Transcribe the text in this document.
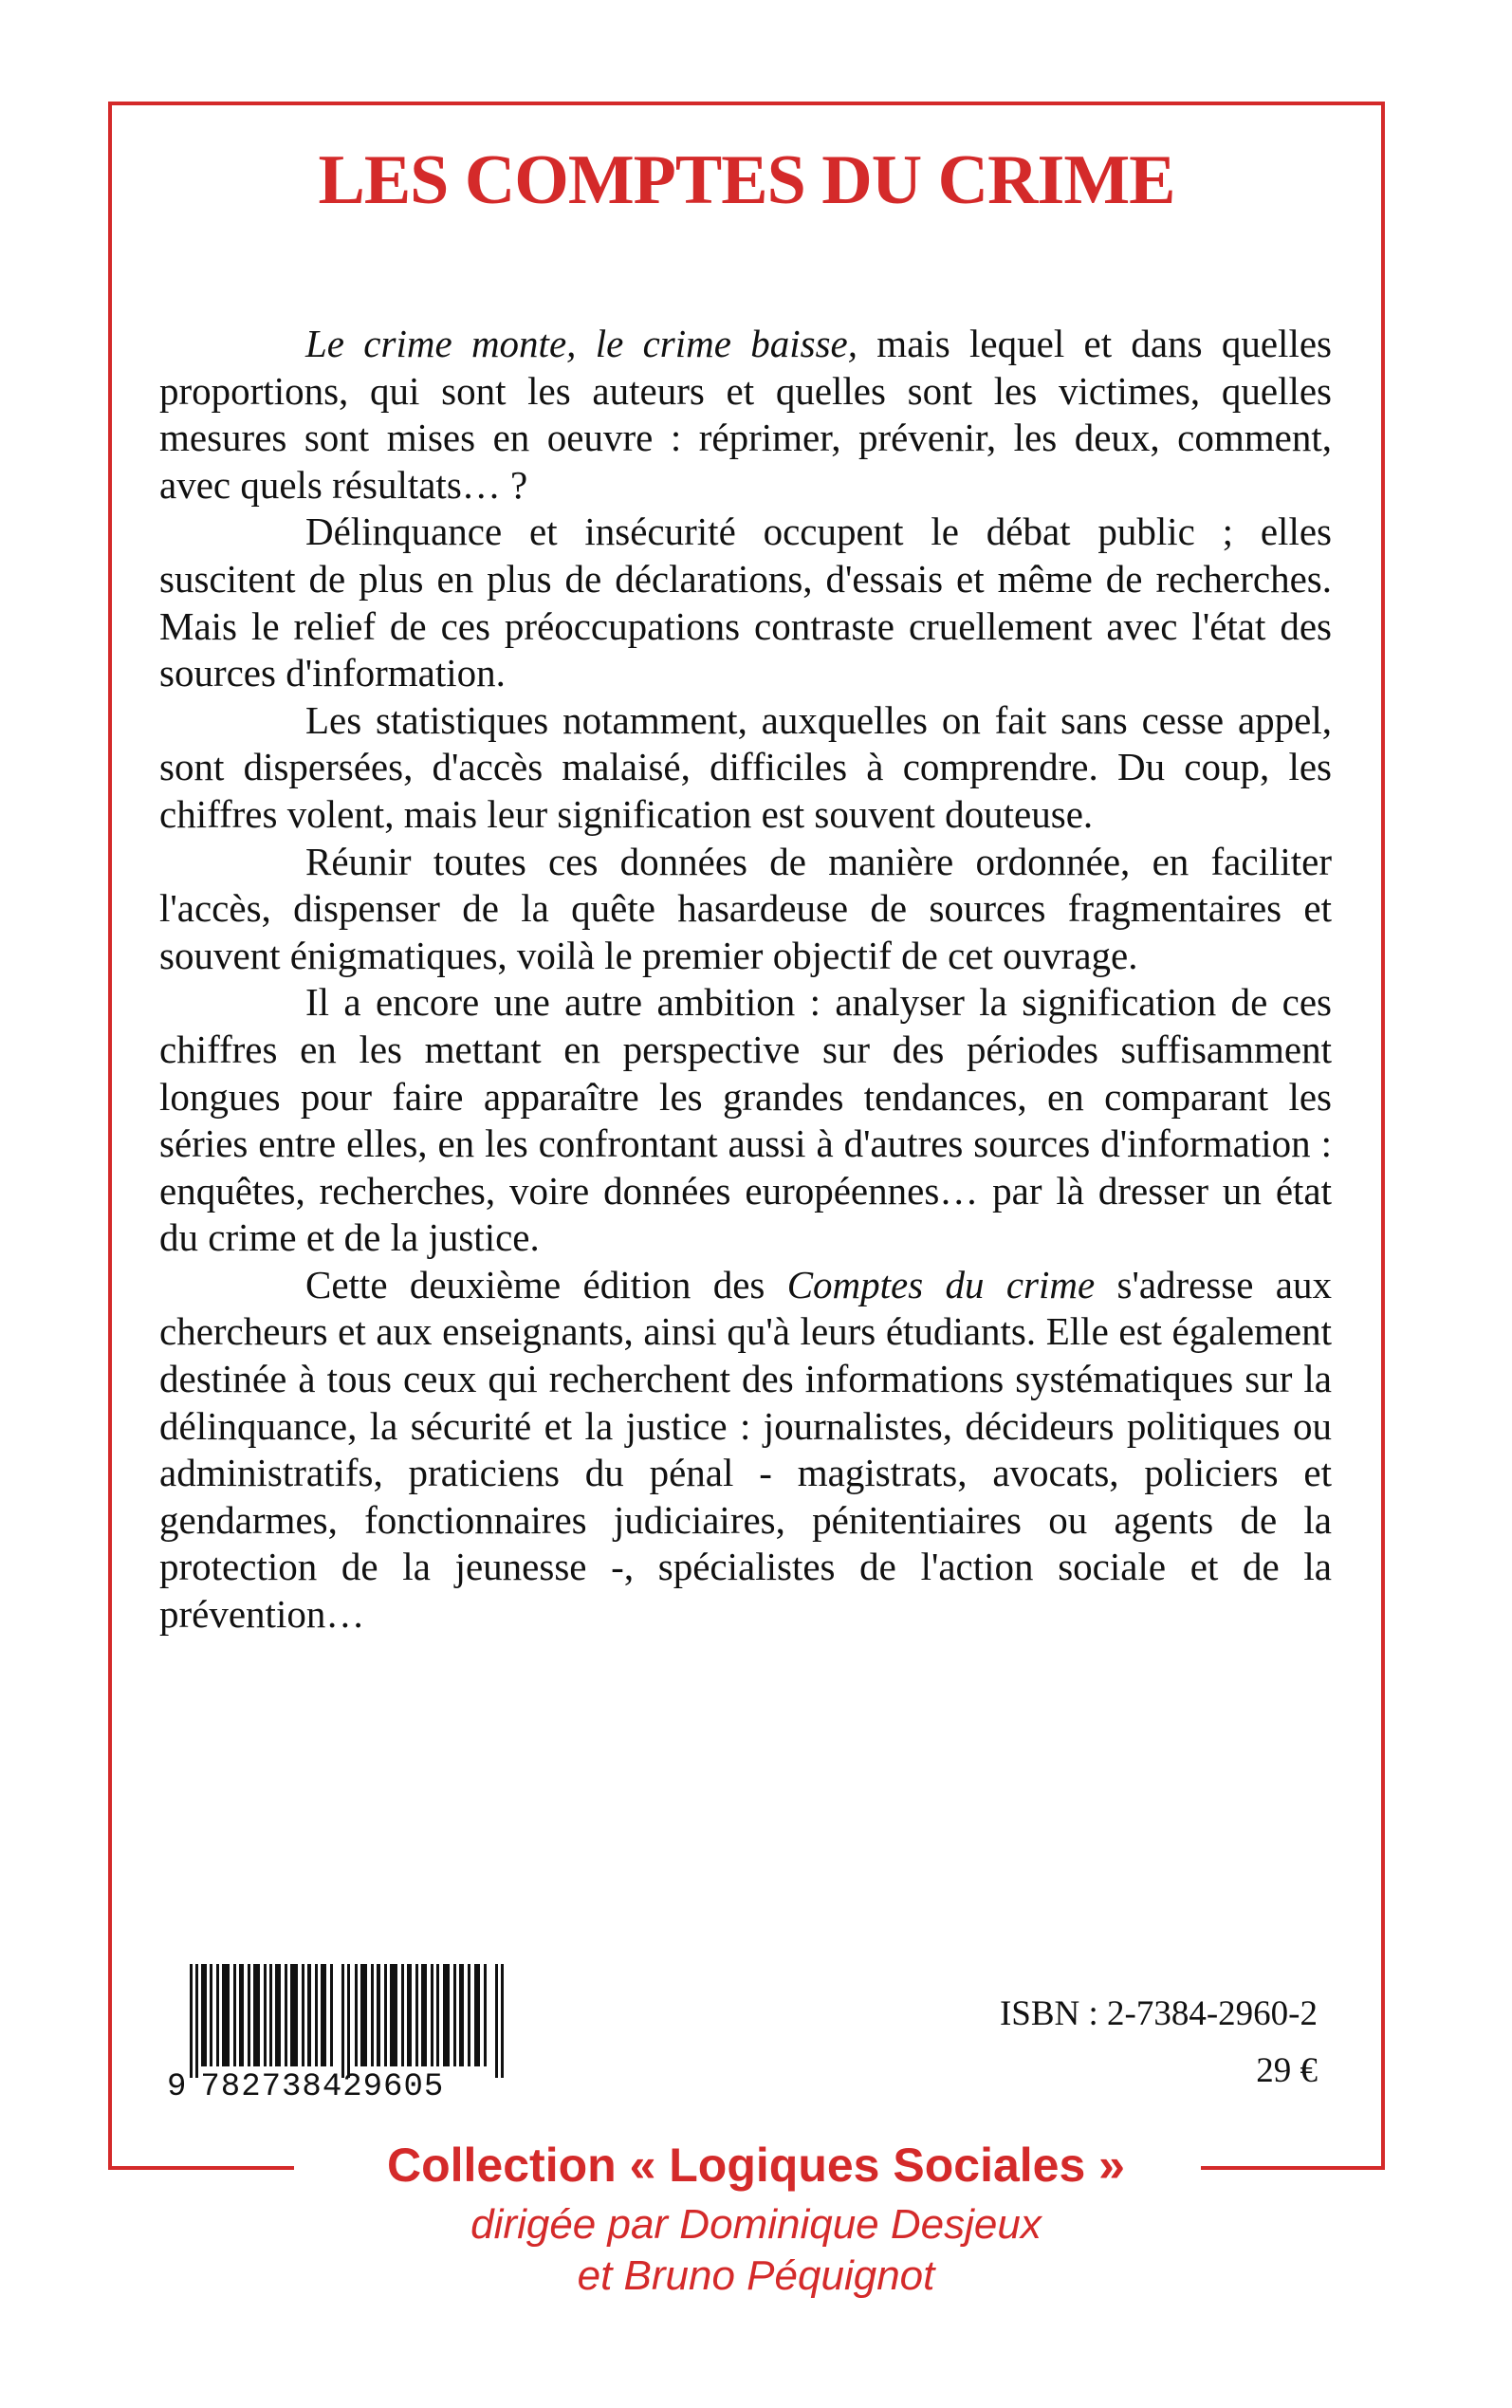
LES COMPTES DU CRIME

Le crime monte, le crime baisse, mais lequel et dans quelles proportions, qui sont les auteurs et quelles sont les victimes, quelles mesures sont mises en oeuvre : réprimer, prévenir, les deux, comment, avec quels résultats… ?

Délinquance et insécurité occupent le débat public ; elles suscitent de plus en plus de déclarations, d'essais et même de recherches. Mais le relief de ces préoccupations contraste cruellement avec l'état des sources d'information.

Les statistiques notamment, auxquelles on fait sans cesse appel, sont dispersées, d'accès malaisé, difficiles à comprendre. Du coup, les chiffres volent, mais leur signification est souvent douteuse.

Réunir toutes ces données de manière ordonnée, en faciliter l'accès, dispenser de la quête hasardeuse de sources fragmentaires et souvent énigmatiques, voilà le premier objectif de cet ouvrage.

Il a encore une autre ambition : analyser la signification de ces chiffres en les mettant en perspective sur des périodes suffisamment longues pour faire apparaître les grandes tendances, en comparant les séries entre elles, en les confrontant aussi à d'autres sources d'information : enquêtes, recherches, voire données européennes… par là dresser un état du crime et de la justice.

Cette deuxième édition des Comptes du crime s'adresse aux chercheurs et aux enseignants, ainsi qu'à leurs étudiants. Elle est également destinée à tous ceux qui recherchent des informations systématiques sur la délinquance, la sécurité et la justice : journalistes, décideurs politiques ou administratifs, praticiens du pénal - magistrats, avocats, policiers et gendarmes, fonctionnaires judiciaires, pénitentiaires ou agents de la protection de la jeunesse -, spécialistes de l'action sociale et de la prévention…

9 782738429605
ISBN : 2-7384-2960-2
29 €
Collection « Logiques Sociales »
dirigée par Dominique Desjeux
et Bruno Péquignot
